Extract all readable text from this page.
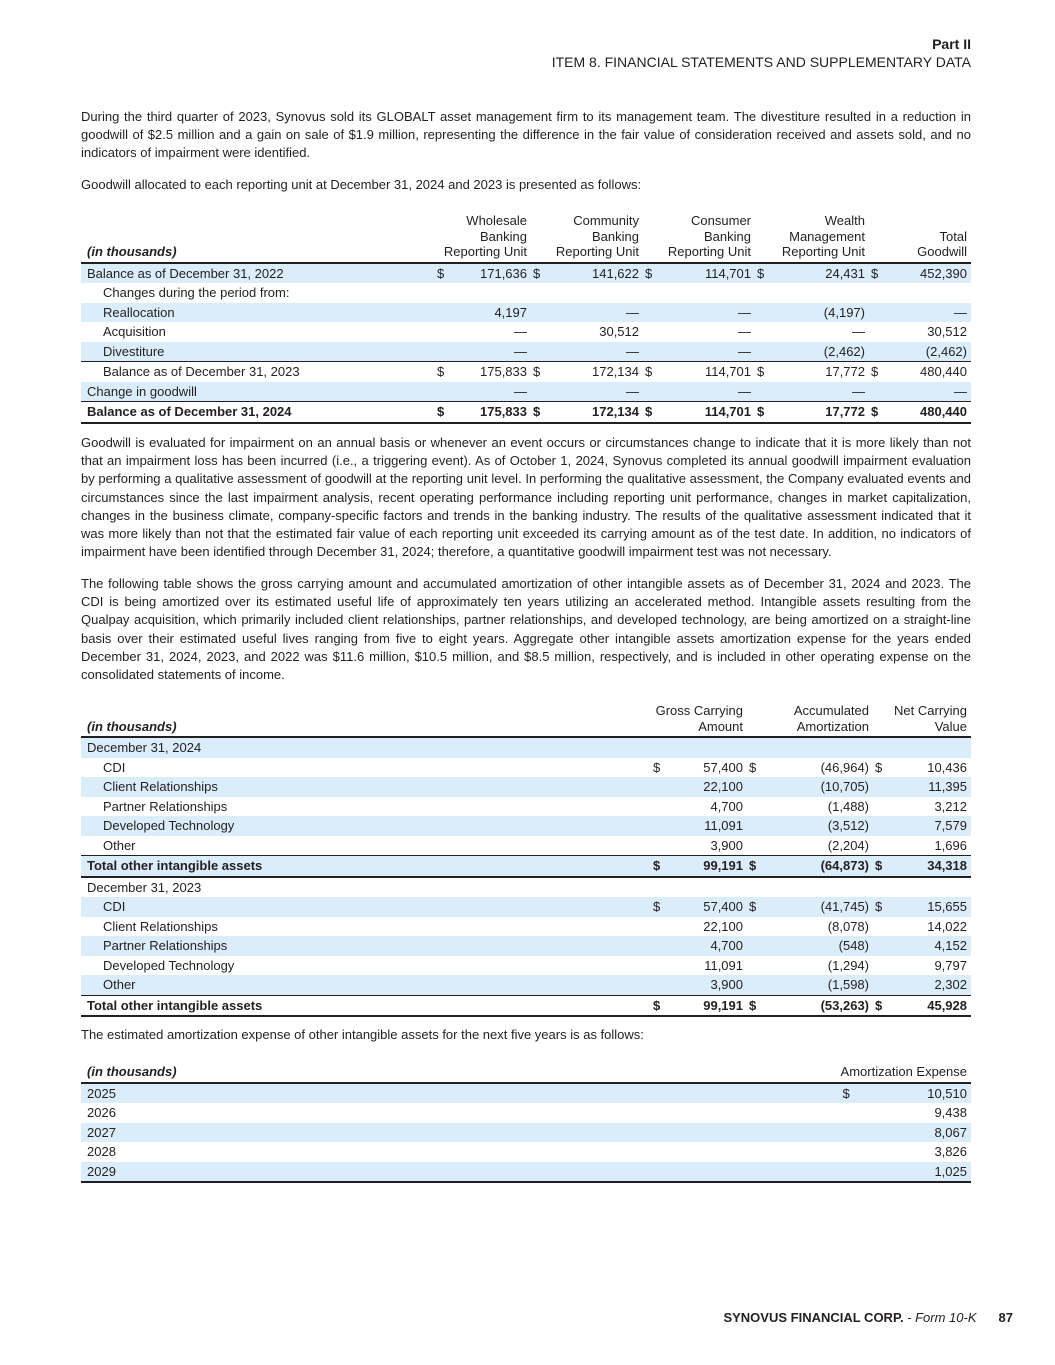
Part II
ITEM 8. FINANCIAL STATEMENTS AND SUPPLEMENTARY DATA

During the third quarter of 2023, Synovus sold its GLOBALT asset management firm to its management team. The divestiture resulted in a reduction in goodwill of $2.5 million and a gain on sale of $1.9 million, representing the difference in the fair value of consideration received and assets sold, and no indicators of impairment were identified.

Goodwill allocated to each reporting unit at December 31, 2024 and 2023 is presented as follows:

(in thousands)	Wholesale
Banking
Reporting Unit		Community
Banking
Reporting Unit		Consumer
Banking
Reporting Unit		Wealth
Management
Reporting Unit		Total
Goodwill	
Balance as of December 31, 2022	$	171,636	$	141,622	$	114,701	$	24,431	$	452,390
Changes during the period from:										
Reallocation		4,197		—		—		(4,197)		—
Acquisition		—		30,512		—		—		30,512
Divestiture		—		—		—		(2,462)		(2,462)
Balance as of December 31, 2023	$	175,833	$	172,134	$	114,701	$	17,772	$	480,440
Change in goodwill		—		—		—		—		—
Balance as of December 31, 2024	$	175,833	$	172,134	$	114,701	$	17,772	$	480,440

Goodwill is evaluated for impairment on an annual basis or whenever an event occurs or circumstances change to indicate that it is more likely than not that an impairment loss has been incurred (i.e., a triggering event). As of October 1, 2024, Synovus completed its annual goodwill impairment evaluation by performing a qualitative assessment of goodwill at the reporting unit level. In performing the qualitative assessment, the Company evaluated events and circumstances since the last impairment analysis, recent operating performance including reporting unit performance, changes in market capitalization, changes in the business climate, company-specific factors and trends in the banking industry. The results of the qualitative assessment indicated that it was more likely than not that the estimated fair value of each reporting unit exceeded its carrying amount as of the test date. In addition, no indicators of impairment have been identified through December 31, 2024; therefore, a quantitative goodwill impairment test was not necessary.

The following table shows the gross carrying amount and accumulated amortization of other intangible assets as of December 31, 2024 and 2023. The CDI is being amortized over its estimated useful life of approximately ten years utilizing an accelerated method. Intangible assets resulting from the Qualpay acquisition, which primarily included client relationships, partner relationships, and developed technology, are being amortized on a straight-line basis over their estimated useful lives ranging from five to eight years. Aggregate other intangible assets amortization expense for the years ended December 31, 2024, 2023, and 2022 was $11.6 million, $10.5 million, and $8.5 million, respectively, and is included in other operating expense on the consolidated statements of income.

(in thousands)	Gross Carrying
Amount		Accumulated
Amortization		Net Carrying
Value	
December 31, 2024						
CDI	$	57,400	$	(46,964)	$	10,436
Client Relationships		22,100		(10,705)		11,395
Partner Relationships		4,700		(1,488)		3,212
Developed Technology		11,091		(3,512)		7,579
Other		3,900		(2,204)		1,696
Total other intangible assets	$	99,191	$	(64,873)	$	34,318
December 31, 2023						
CDI	$	57,400	$	(41,745)	$	15,655
Client Relationships		22,100		(8,078)		14,022
Partner Relationships		4,700		(548)		4,152
Developed Technology		11,091		(1,294)		9,797
Other		3,900		(1,598)		2,302
Total other intangible assets	$	99,191	$	(53,263)	$	45,928

The estimated amortization expense of other intangible assets for the next five years is as follows:

(in thousands)	Amortization Expense	
2025	$	10,510
2026		9,438
2027		8,067
2028		3,826
2029		1,025
SYNOVUS FINANCIAL CORP. - Form 10-K 87
